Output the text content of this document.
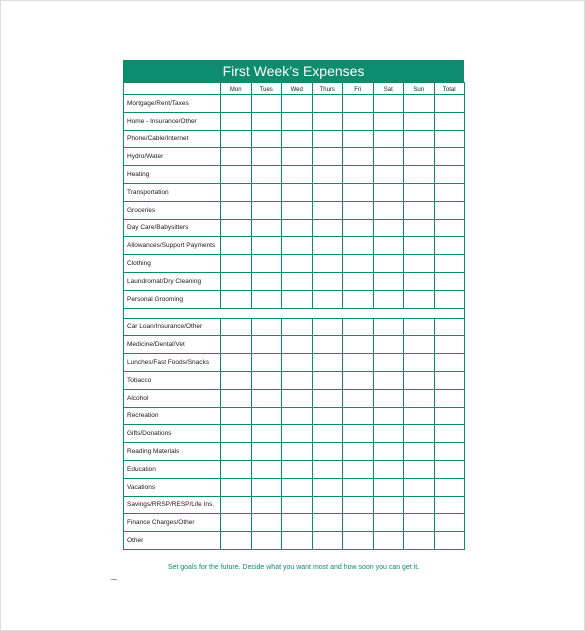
First Week’s Expenses
	Mon	Tues	Wed	Thurs	Fri	Sat	Sun	Total
Mortgage/Rent/Taxes								
Home - Insurance/Other								
Phone/Cable/Internet								
Hydro/Water								
Heating								
Transportation								
Groceries								
Day Care/Babysitters								
Allowances/Support Payments								
Clothing								
Laundromat/Dry Cleaning								
Personal Grooming								

Car Loan/Insurance/Other								
Medicine/Dental/Vet								
Lunches/Fast Foods/Snacks								
Tobacco								
Alcohol								
Recreation								
Gifts/Donations								
Reading Materials								
Education								
Vacations								
Savings/RRSP/RESP/Life Ins.								
Finance Charges/Other								
Other								
Set goals for the future. Decide what you want most and how soon you can get it.
